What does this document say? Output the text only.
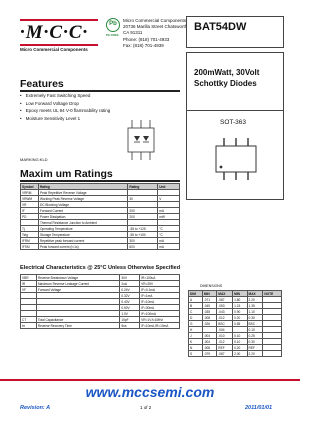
·M·C·C·
Micro Commercial Components
Pb
Pb FREE
Micro Commercial Components
20736 Marilla Street Chatsworth
CA 91311
Phone: (818) 701-4933
Fax: (818) 701-4939
BAT54DW
200mWatt, 30Volt
Schottky Diodes
SOT-363
Features
• Extremely Fast Switching Speed
• Low Forward Voltage Drop
• Epoxy meets UL 94 V-0 flammability rating
• Moisture Sensitivity Level 1
MARKING:KLD
Maxim um Ratings
Symbol	Rating	Rating	Unit
VRRM	Peak Repetitive Reverse Voltage		
VRWM	Working Peak Reverse Voltage	30	V
VR	DC Blocking Voltage		
IF	Forward Current	200	mA
PD	Power Dissipation	200	mW
	Thermal Resistance Junction to Ambient		
Tj	Operating Temperature	-55 to +125	°C
Tstg	Storage Temperature	-55 to +150	°C
IFRM	Repetitive peak forward current	300	mA
IFSM	Peak forward current (t<1s)	600	mA
Electrical Characteristics @ 25°C Unless Otherwise Specified
VBR	Reverse Breakdown Voltage	30V	IR=100uA
IR	Maximum Reverse Leakage Current	2uA	VR=25V
VF	Forward Voltage	0.24V	IF=0.1mA
		0.32V	IF=1mA
		0.40V	IF=10mA
		0.50V	IF=30mA
		1.0V	IF=100mA
CT	Total Capacitance	10pF	VR=1V,f=1MHz
trr	Reverse Recovery Time	5ns	IF=10mA,IR=10mA
DIMENSIONS
DIM	MIN	MAX	MIN	MAX	NOTE
A	.071	.087	1.80	2.20	
B	.045	.053	1.15	1.35	
C	.035	.043	0.90	1.10	
D	.008	.012	0.20	0.30	
G	.026	BSC	0.65	BSC	
H		.004		0.10	
J	.004	.010	0.10	0.25	
K	.004	.012	0.10	0.30	
N	.008	REF	0.20	REF	
S	.079	.087	2.00	2.20	
www.mccsemi.com
Revision: A	1 of 2	2011/01/01
